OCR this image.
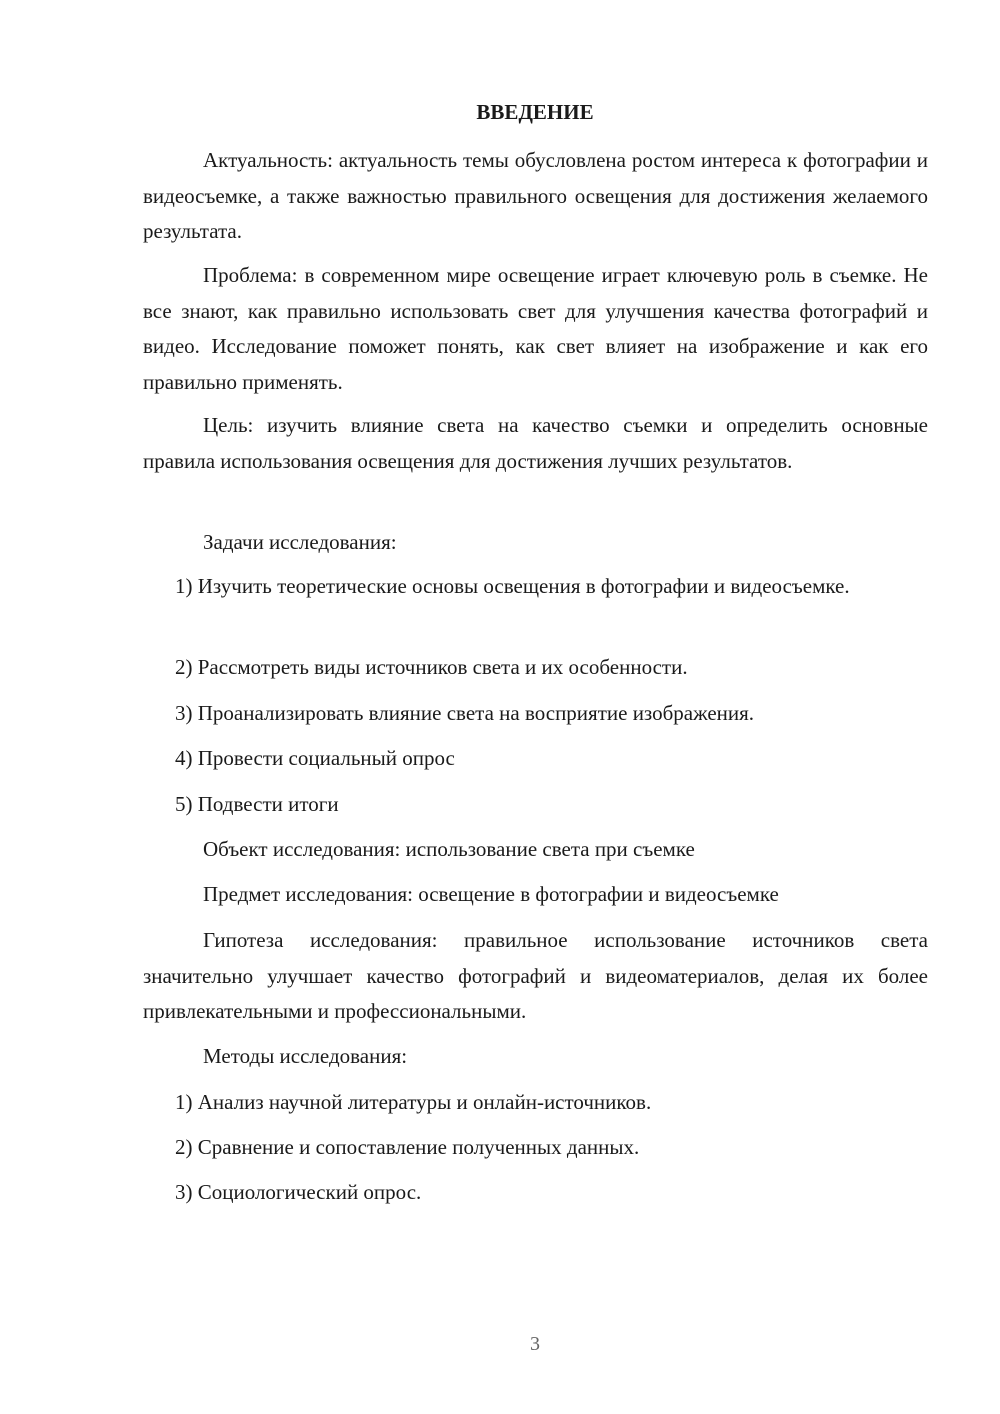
ВВЕДЕНИЕ
Актуальность: актуальность темы обусловлена ростом интереса к фотографии и видеосъемке, а также важностью правильного освещения для достижения желаемого результата.
Проблема: в современном мире освещение играет ключевую роль в съемке. Не все знают, как правильно использовать свет для улучшения качества фотографий и видео. Исследование поможет понять, как свет влияет на изображение и как его правильно применять.
Цель: изучить влияние света на качество съемки и определить основные правила использования освещения для достижения лучших результатов.
Задачи исследования:
1) Изучить теоретические основы освещения в фотографии и видеосъемке.
2) Рассмотреть виды источников света и их особенности.
3) Проанализировать влияние света на восприятие изображения.
4) Провести социальный опрос
5) Подвести итоги
Объект исследования: использование света при съемке
Предмет исследования: освещение в фотографии и видеосъемке
Гипотеза исследования: правильное использование источников света значительно улучшает качество фотографий и видеоматериалов, делая их более привлекательными и профессиональными.
Методы исследования:
1) Анализ научной литературы и онлайн-источников.
2) Сравнение и сопоставление полученных данных.
3) Социологический опрос.
3
